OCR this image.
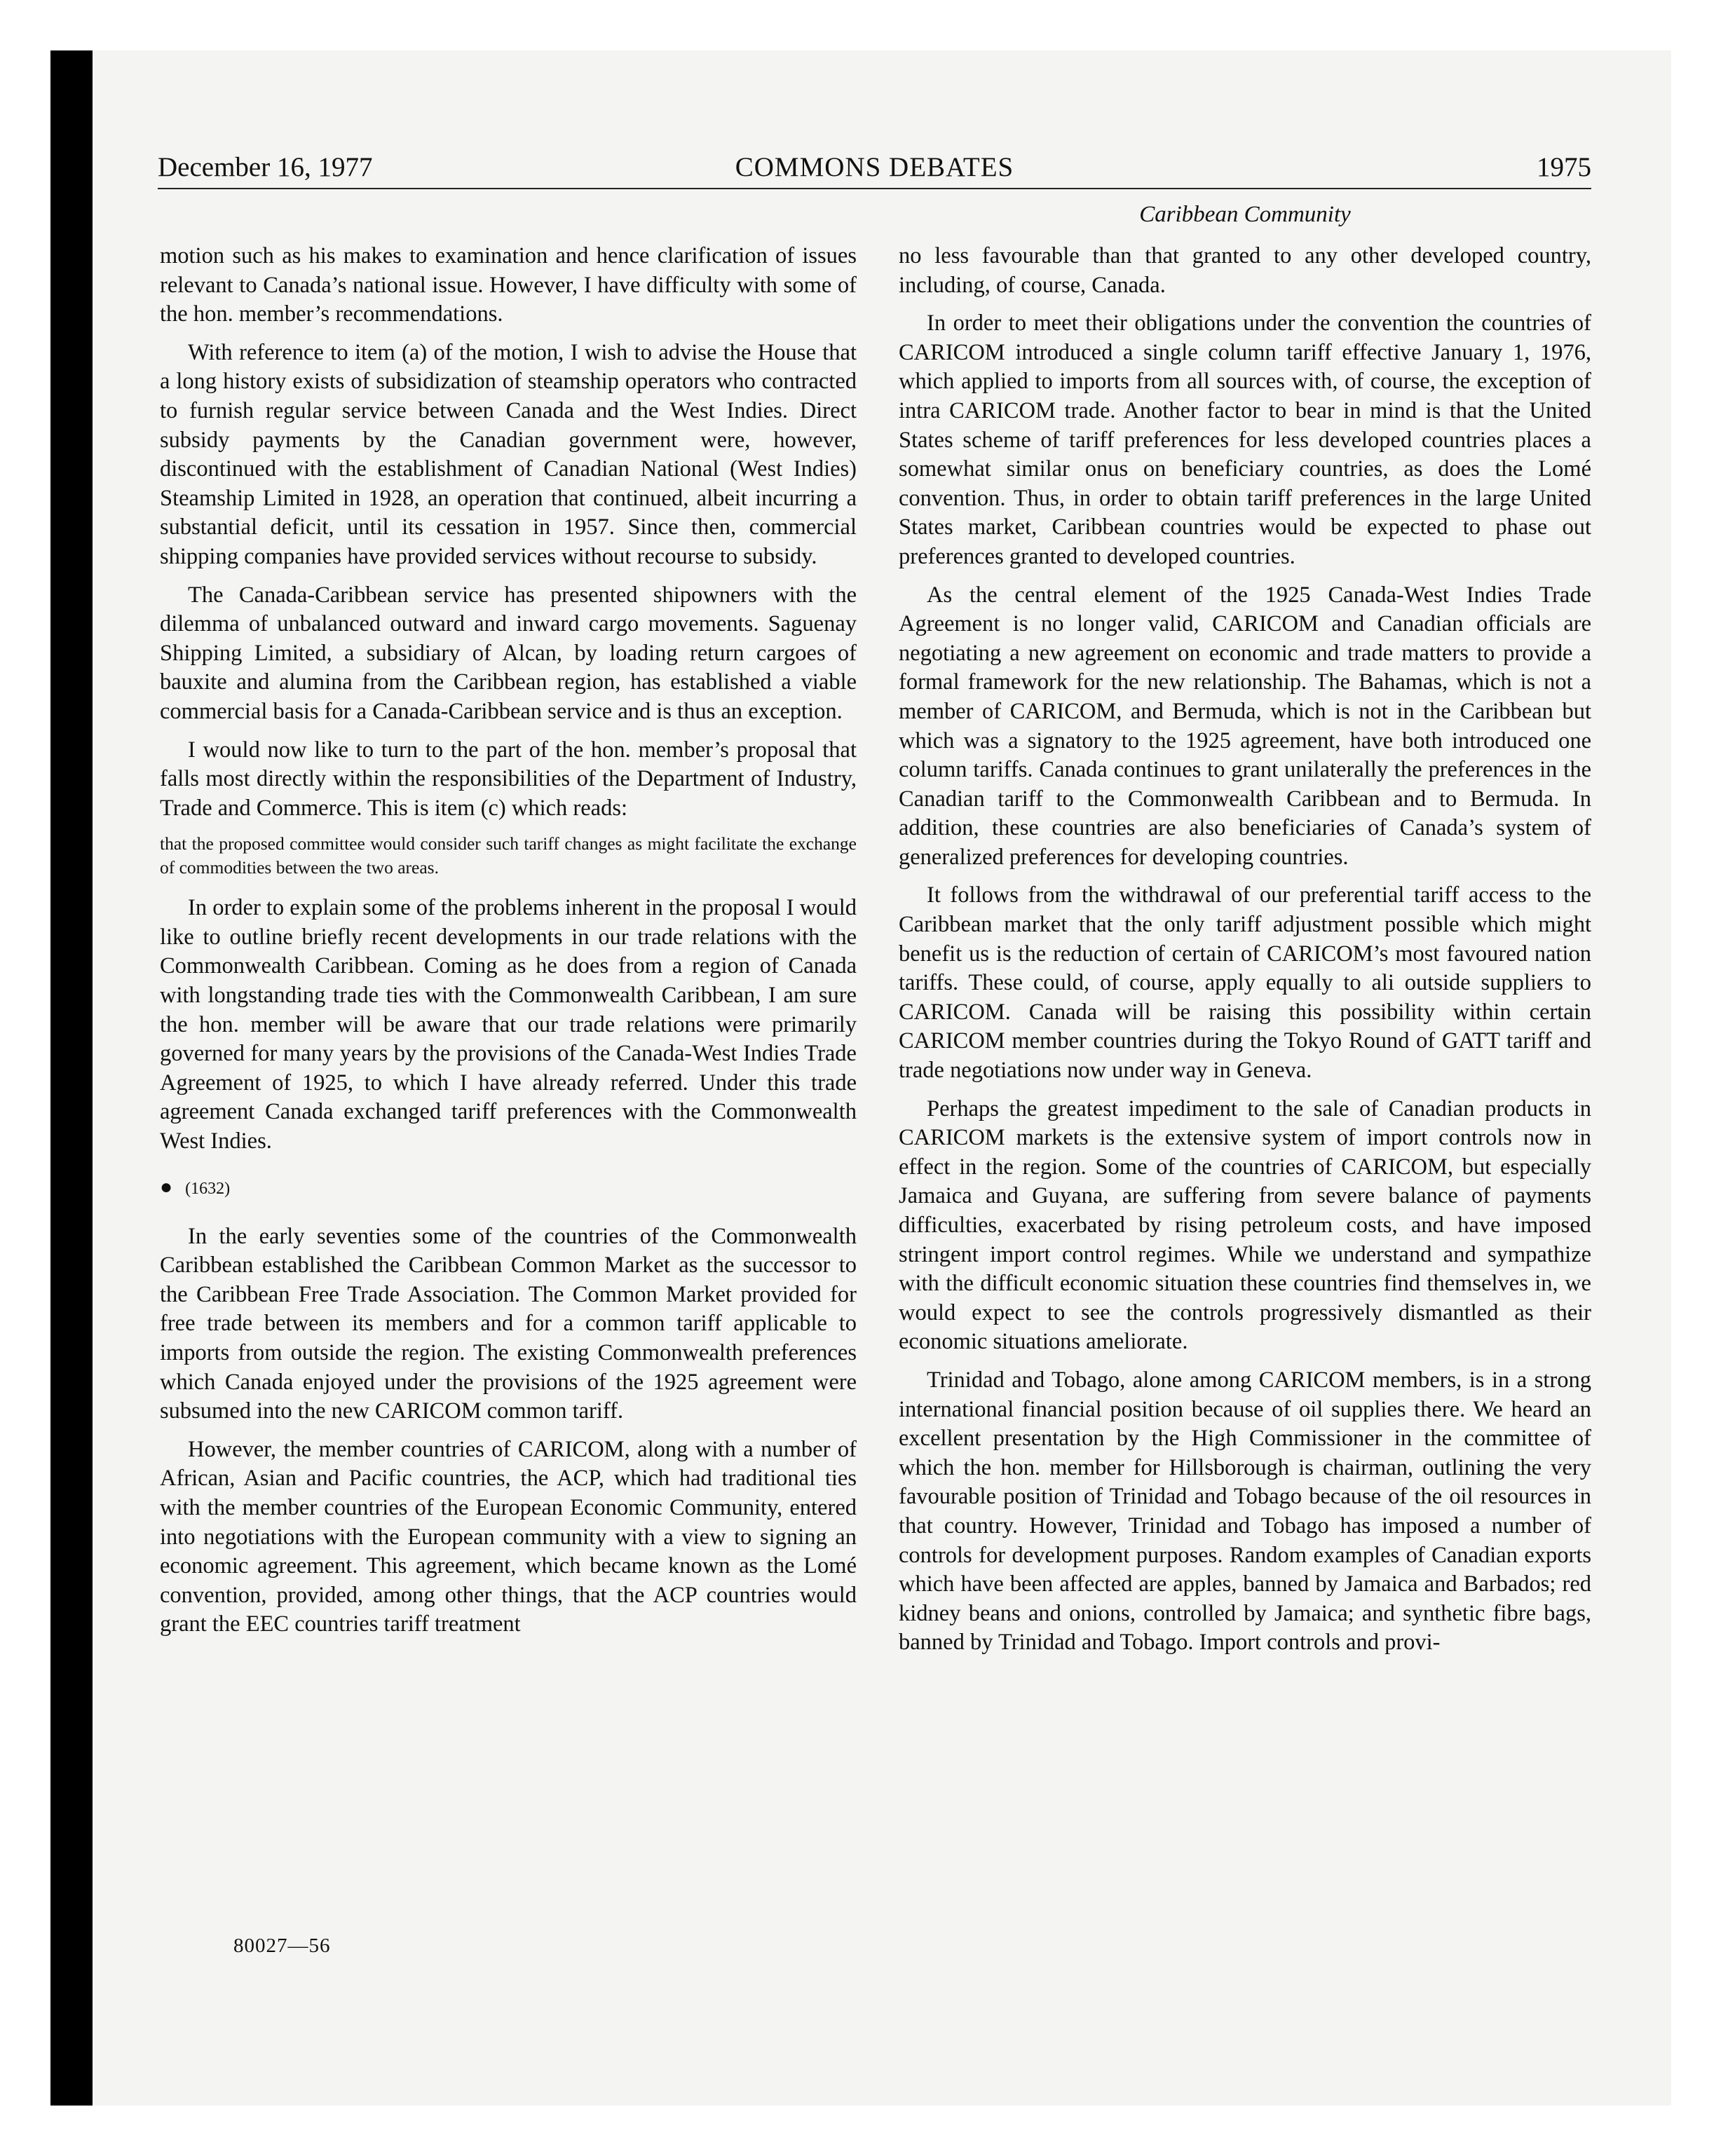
December 16, 1977	COMMONS DEBATES	1975
Caribbean Community

motion such as his makes to examination and hence clarification of issues relevant to Canada’s national issue. However, I have difficulty with some of the hon. member’s recommendations.

With reference to item (a) of the motion, I wish to advise the House that a long history exists of subsidization of steamship operators who contracted to furnish regular service between Canada and the West Indies. Direct subsidy payments by the Canadian government were, however, discontinued with the establishment of Canadian National (West Indies) Steamship Limited in 1928, an operation that continued, albeit incurring a substantial deficit, until its cessation in 1957. Since then, commercial shipping companies have provided services without recourse to subsidy.

The Canada-Caribbean service has presented shipowners with the dilemma of unbalanced outward and inward cargo movements. Saguenay Shipping Limited, a subsidiary of Alcan, by loading return cargoes of bauxite and alumina from the Caribbean region, has established a viable commercial basis for a Canada-Caribbean service and is thus an exception.

I would now like to turn to the part of the hon. member’s proposal that falls most directly within the responsibilities of the Department of Industry, Trade and Commerce. This is item (c) which reads:

that the proposed committee would consider such tariff changes as might facilitate the exchange of commodities between the two areas.

In order to explain some of the problems inherent in the proposal I would like to outline briefly recent developments in our trade relations with the Commonwealth Caribbean. Coming as he does from a region of Canada with longstanding trade ties with the Commonwealth Caribbean, I am sure the hon. member will be aware that our trade relations were primarily governed for many years by the provisions of the Canada-West Indies Trade Agreement of 1925, to which I have already referred. Under this trade agreement Canada exchanged tariff preferences with the Commonwealth West Indies.

● (1632)

In the early seventies some of the countries of the Commonwealth Caribbean established the Caribbean Common Market as the successor to the Caribbean Free Trade Association. The Common Market provided for free trade between its members and for a common tariff applicable to imports from outside the region. The existing Commonwealth preferences which Canada enjoyed under the provisions of the 1925 agreement were subsumed into the new CARICOM common tariff.

However, the member countries of CARICOM, along with a number of African, Asian and Pacific countries, the ACP, which had traditional ties with the member countries of the European Economic Community, entered into negotiations with the European community with a view to signing an economic agreement. This agreement, which became known as the Lomé convention, provided, among other things, that the ACP countries would grant the EEC countries tariff treatment

no less favourable than that granted to any other developed country, including, of course, Canada.

In order to meet their obligations under the convention the countries of CARICOM introduced a single column tariff effective January 1, 1976, which applied to imports from all sources with, of course, the exception of intra CARICOM trade. Another factor to bear in mind is that the United States scheme of tariff preferences for less developed countries places a somewhat similar onus on beneficiary countries, as does the Lomé convention. Thus, in order to obtain tariff preferences in the large United States market, Caribbean countries would be expected to phase out preferences granted to developed countries.

As the central element of the 1925 Canada-West Indies Trade Agreement is no longer valid, CARICOM and Canadian officials are negotiating a new agreement on economic and trade matters to provide a formal framework for the new relationship. The Bahamas, which is not a member of CARICOM, and Bermuda, which is not in the Caribbean but which was a signatory to the 1925 agreement, have both introduced one column tariffs. Canada continues to grant unilaterally the preferences in the Canadian tariff to the Commonwealth Caribbean and to Bermuda. In addition, these countries are also beneficiaries of Canada’s system of generalized preferences for developing countries.

It follows from the withdrawal of our preferential tariff access to the Caribbean market that the only tariff adjustment possible which might benefit us is the reduction of certain of CARICOM’s most favoured nation tariffs. These could, of course, apply equally to ali outside suppliers to CARICOM. Canada will be raising this possibility within certain CARICOM member countries during the Tokyo Round of GATT tariff and trade negotiations now under way in Geneva.

Perhaps the greatest impediment to the sale of Canadian products in CARICOM markets is the extensive system of import controls now in effect in the region. Some of the countries of CARICOM, but especially Jamaica and Guyana, are suffering from severe balance of payments difficulties, exacerbated by rising petroleum costs, and have imposed stringent import control regimes. While we understand and sympathize with the difficult economic situation these countries find themselves in, we would expect to see the controls progressively dismantled as their economic situations ameliorate.

Trinidad and Tobago, alone among CARICOM members, is in a strong international financial position because of oil supplies there. We heard an excellent presentation by the High Commissioner in the committee of which the hon. member for Hillsborough is chairman, outlining the very favourable position of Trinidad and Tobago because of the oil resources in that country. However, Trinidad and Tobago has imposed a number of controls for development purposes. Random examples of Canadian exports which have been affected are apples, banned by Jamaica and Barbados; red kidney beans and onions, controlled by Jamaica; and synthetic fibre bags, banned by Trinidad and Tobago. Import controls and provi-

80027—56
